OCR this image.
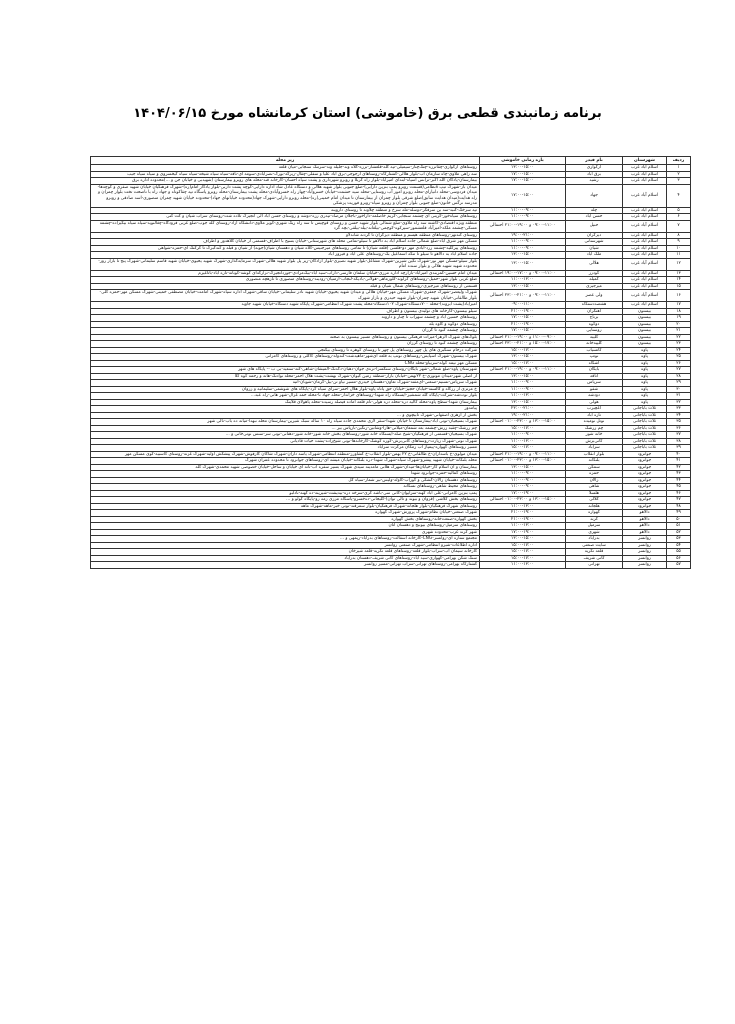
برنامه زمانبندی قطعی برق (خاموشی) استان کرمانشاه مورخ ۱۴۰۴/۰۶/۱۵
ردیف	شهرستان	نام فیدر	بازه زمانی خاموشی	زیر محله
۱	اسلام آباد غرب	ارکوازی	۱۳:۰۰-۱۵:۰۰	روستاهای ارکوازی-چقاترزه-چنگ‌چنار-سیمیلی-تپه کله-قلعشار-برزه-گلاه وند-جلیله وند-سرتنگ سنجابی-میان قلعه
۲	اسلام آباد غرب	برق آباد	۱۷:۰۰-۱۵:۰۰	سه راهی ملاوی-چاه سازمان آب-بلوار هلالی-کشتارگاه-روستاهای ارجوجی-برق آباد علیا و سفلی-چقال-زیرگه-بورگ-نصرآبادی-سومه ای-نافه-سیاه سیاه شیخه-سیاه سیاه کیخسروی و سیاه سیاه جیب
۳	اسلام آباد غرب	رشید	۱۷:۰۰-۱۵:۰۰	بیمارستان-پادگان الله اکبر-ترانس اسپاه-ابتدای امیرآباد-بلوار راه کربلا و روبرو شهرداری و پشت سپاه احسان-کارخانه قند-محله های روبرو بیمارستان (شهیدبی و خیابان جن و ...)محدوده اداره برق
۴	اسلام آباد غرب	جهاد	۱۷:۰۰-۱۵:۰۰	میدان باز-شهرک تیپ ۸نظامی(قسمت روبرو پمپ بنزین دارایی)-ضلع جنوبی بلوار شهید هلالی و دستگاه عادل شاد اداره دارایی-کوچه پشت داربی-بلوار یادگار امام(ره)-شهرک فرهنگیان خیابان شهید صفری و کوچه‌ها-میدان فردوسی-محله دانیارای-محله روبرو امور آب روستایی-محله سید حشمت-خیابان خسروآباد-چهار راه خسروآبادی-محله پشت بیمارستان-محله روبرو پاسگاه تپه چقاکوتاه و جهاد راه با تاصحت تخت بلوار چمران و راه هدایت(میدان هدایت سابق)ضلع شرقی بلوار چمران از بیمارستان تا میدان امام خمینی(ره)-محله روبرو دارایی-شهرک جهاد(محدوده خیابانهای جهاد)-محدوده خیابان شهید چمران منصوری-اسد صادقی و روبرو مدرسه نرگس خاتون-ضلع جنوبی بلوار چمران و روبرو سپاه-روبرو فوریت پزشکی
۵	اسلام آباد غرب	چله	۱۱:۰۰-۰۹:۰۰	تپه سرخک-گنبد-سه بن سرفکر-دوسله-مله سرخ و منطقه چلاوند تا روستای داروینه
۶	اسلام آباد غرب	حسن آباد	۱۱:۰۰-۰۹:۰۰	روستاهای سیاه‌خور-کرینی ای چشمه سنجابی-کریم خاصلمه-داراخور-باجلان مرصاد-تپه‌ری رزه-دوشه و روستای حسن اباد الی انجیرک تلاده شت-روستای سراب شیان و کت کتی
۷	اسلام آباد غرب	حنیل	۰۹:۰۰-۱۱:۰۰ و ۱۹:۰۰-۲۱:۰۰ احتمالی	منطقه ویژه اقتصادی-کاشته سه راه ملاوی-ضلع شمالی بلوار شهید حسن و روستای قوچیس تا سه راه زیگ شهری-کوپر ملاوی-دانشگاه آزاد-روستای کله جوب-ضلع غربی فرودگاه-چغالنوید-سیاه سیاه بیگیزاده-چشمه مسکی-چشمه ملکه-امیرآباد قلعشمور-سیرکوه-کوچمی-بیلغانه-بیله-بیلقی-بچه گرد
۸	اسلام آباد غرب	دیزگران	۱۹:۰۰-۲۱:۰۰	روستای کندتهر-روستاهای منطقه هیسم و منطقه دیزگران تا گردنه شاندلاو
۹	اسلام آباد غرب	شهرستانی	۱۱:۰۰-۰۹:۰۰	مسکن مهر شرق آباد-ضلع شمالی جاده اسلام آباد به دالاهو تا سیلو-تمامی محله های شهرستانی-خیابان بسیج با اطراف-قسمتی از خیابان کلاهدوز و اطراف
۱۰	اسلام آباد غرب	شیان	۱۱:۰۰-۰۹:۰۰	روستاهای پیرکلیه-چشمه زرد-آبادی مهر دو-فلسی (قلعه شیان) تا تمامی روستاهای میرجنیس-کلاه شیان و دهستان شیان(جوبه) از شیان و قبله و کندکبرک تا کرکنک ای-حمزه-شواهی
۱۱	اسلام آباد غرب	ملک آباد	۱۳:۰۰-۱۵:۰۰	جاده اسلام آباد به دالاهو تا سیلو تا تنگه اسماعیل بک-روستاهای علی اباد و فیروز اباد
۱۲	اسلام آباد غرب	هلالی	۱۳:۰۰-۱۵:۰۰	بلوار سیلو-مسکن مهر نور-شهرک نگین شیرین-شهرک مشاغل-بلوار شهید نصیری-بلوار آزادگان-زیر پل بلوار شهید هلالی-شهرک سرمایه‌گذاری-شهرک شهید یحیوی-خیابان شهید قاسم سلیمانی-شهرک پنج تا بازار روز-محدوده شهید شهید هلالی و بلوار سنده امام
۱۳	اسلام آباد غرب	گودرز	۰۹:۰۰-۱۱:۰۰ و ۱۷:۰۰-۱۹:۰۰ احتمالی	میدان امام حسین-کمربندی امیرآباد-بازارچه اداره مرزی-خیابان سلمان فارسی-داراب-سید آباد-بیگ‌مرادی-جوزدانجیرک-تزارگه‌ای کوشه-کوناته-تازه اباد-باتاغیرم
۱۴	اسلام آباد غرب	کمیله	۱۱:۰۰-۱۳:۰۰	ضلع غربی بلوار شهر-حمیل-روستاهای کرلوند-کلورماهی-هولانی-بادیکه-لنجاب-ارمنیان-رودیند-روستاهای منصوری تا نازهچه منصوری
۱۵	اسلام آباد غرب	میرجیزی	۱۳:۰۰-۱۵:۰۰	قسمتی از روستاهای میرجیزی-روستاهای شمال شیان و قبله
۱۶	اسلام آباد غرب	ولی عصر	۰۹:۰۰-۱۱:۰۰ و ۲۱:۰۰-۲۳:۰۰ احتمالی	شهرک ولیعصر-شهرک جعفری-شهرک مسکن مهر-خیابان هلالی و میدان شهید یحیوی-خیابان شهید نادر سلیمانی-خیابان ساقی-شهرک اداره سپاه-شهرک امامت-خیابان مصطفی خمینی-شهرک مسکن مهر-حمزه کلی-بلوار طالقانی-خیابان شهید چمران-بلوار شهید حیدری و بازار شهرک
۱۷	اسلام آباد غرب	هفتصددستگاه	۰۹:۰۰-۱۱:۰۰	امیرآباد(پشت آبروند)-محله ۷۰۰دستگاه-شهرک ۱۰۲دستگاه-محله پشت شهرک انتظامی-شهرک پایگاه شهید دستگاه-خیابان شهید جاوید
۱۸	بیستون	آهنگران	۲۱:۰۰-۱۹:۰۰	سیلو بیستون-کارخانه های تولیدی بیستون و اطراف
۱۹	بیستون	برناج	۱۷:۰۰-۱۵:۰۰	روستاهای حسین آباد و چشمه سهراب تا چنار و دارونه
۲۰	بیستون	دوکوه	۲۱:۰۰-۱۹:۰۰	روستاهای دوکوه و کاوه بله
۲۱	بیستون	روستایی	۱۷:۰۰-۱۵:۰۰	روستاهای چشمه کبود تا گرزان
۲۲	بیستون	کلیبه	۱۱:۰۰-۰۹:۰۰ و ۱۹:۰۰-۲۱:۰۰ احتمالی	بلوک‌های شهرک الزهرا-میرات فرهنگی بیستون و روستاهای مسیر بیستون به صحنه
۲۳	بیستون	گلپیه‌خانه	۱۵:۰۰-۱۷:۰۰ و ۲۱:۰۰-۲۳:۰۰ احتمالی	روستاهای چشمه کبود تا روستای گرزان
۲۴	پاوه	کاتسیاب	۱۵:۰۰-۱۷:۰۰	شرکت درجام سنگبری های پل چهر روستاهای پل چهر تا روستای کوهره تا روستای بیکنجی
۲۵	پاوه	نوتپ	۱۳:۰۰-۱۵:۰۰	شهرک بیستون-شهرک اسپایس-روستاهای نوتپ به قلعه ای‌شهر-ماهیدشت-کندوله-روستاهای کاکلی و روستاهای کامرانی
۲۶	پاوه	آشگاه	۱۵:۰۰-۱۷:۰۰	مسکن مهر نیمه کوله-سرنیاو-محله CNG
۲۷	پاوه	بایگان	۰۹:۰۰-۱۱:۰۰ و ۱۹:۰۰-۲۱:۰۰ احتمالی	شهرستان پاوه-ضلع شمالی-شهر بایگان-روستای سنگسرا-تره‌ی جوان-دهبان-دگدنگ-آلمیشان-شاهی-کته-سنعید-بی ب -- پایگاه های شهر
۲۸	پاوه	اتاقه	۱۳:۰۰-۱۵:۰۰	از اصلی شهر-میدان موتوری-خ ۲۲بهمن-خیابان بازار-منطقه زمین کیوان-شهرک بهشت-پشت هلال احمر-محله نوادنگ-هانه و رحمه کوه گلا
۲۹	پاوه	سرپاس	۱۱:۰۰-۰۹:۰۰	شهرک سرپاس-تسنیم-صنعتی-ای‌مفته-شهرک تعاون-دهستان حیدری-مسیر نیاو تن-بیل-گرمان-شوبان-اتیه
۳۰	پاوه	شفو	۱۱:۰۰-۰۹:۰۰	خ مرتزی از رزگاه و کالسته-خیابان حجیژ-خیابان حق پاتاه پاوه-بلوار هلال احمر-سرای سیاه کرد-پایگاه های شوشمی-سلیمانیه و زروان
۳۱	پاوه	دودشه	۱۱:۰۰-۱۳:۰۰	بلوار نوت‌شه-شرکت-پایگاه کله شمشیر-ایستگاه راه شهدا-روستاهای خزاندار-محله جهاد نا-محله ‌حمد غزال-شهر هانی-راه عبد...
۳۲	پاوه	هولی	۱۳:۰۰-۱۵:۰۰	بیمارستان شهدا-سطح پاوه-محله کالیه دره-محله دره هولی-نام قلعه اماده فیصله‌ رسیده-محله پاهولای قلاینک
۳۳	ثلاث باباجانی	اغچیرب	۲۳:۰۰-۲۱:۰۰	پیامدور
۳۴	ثلاث باباجانی	تازه آباد	۱۹:۰۰-۲۱:۰۰	بخش از ازهری اصفهانی-شهرک تابیچوی و ...
۳۵	ثلاث باباجانی	نوتل نومیده	۱۳:۰۰-۱۵:۰۰ و ۲۳:۰۰-۰۱:۰۰ احتمالی	شهرک بسیجیان-نوتی اباد-بیمارستان تا خیابان شهدا-سقر لاری محمدی جاده سیاه راه ۱۰ ساله سبک شیرین-بیمارستان محله نبهدا-میانه ده باب-نالی شهر
۳۶	ثلاث باباجانی	چم زرشک	۱۵:۰۰-۱۷:۰۰	چم زرشک-چقبه زرش-چشمه بعد شمعان-میلانی-هارا-وشاتین-زنگین-بازپاس بیر ...
۳۷	ثلاث باباجانی	خانه شور	۱۱:۰۰-۰۹:۰۰	شهرک بسیجیان-قسمتی از فرهنگیان-شیخ صله-ایستگاه خانه شور-روستاهای بخش خانه شور-خانه شور-دهتانی-نوتی سر-سنس نوتی‌خانی و ...
۳۸	ثلاث باباجانی	کانی‌برش	۱۱:۰۰-۱۳:۰۰	شهرک نوتی-شهرک زیارت-روستاهای کانی‌برش-کوره کوشک-کارخانه‌ها-نوتی شیخ‌زاده-پشت حیات قادیانی
۳۹	ثلاث باباجانی	سرآباد	۱۵:۰۰-۱۷:۰۰	مسیر روستاهای کهواره-پیمپاژ آب زمکان مرکزت سرآباد
۴۰	جوانرود	بلوار انقلاب	۰۹:۰۰-۱۱:۰۰ و ۱۹:۰۰-۲۱:۰۰ احتمالی	میدان مولوی-خ باسداران-خ طالقانی-خ ۲۲ بهمن-بلوار انقلاب-خ کشاورز-منطقه انتظامی-شهرک یاسه داران-شهرک شاکان کارفوش-شهرک پیشکش اولیه-شهرک غزنه-روستای کاسبیه-کوی مسکن مهر
۴۱	جوانرود	بلنکانه	۱۳:۰۰-۱۵:۰۰ و ۲۳:۰۰-۰۱:۰۰ احتمالی	محله بلنکانه-خیابان شهید پیشرو-شهرک سیاه-شهرک شهدا-دره بلنکانه-خیابان میشه ای-روستاهای جوانرود تا محدوده عمران شهرک
۴۲	جوانرود	سمکن	۱۳:۰۰-۱۵:۰۰	بیمارستان و ان اسلام کار-خیابان‌ها-میدان-شهرک هلانی مامدینه سیدی شهرک بسیر سفره آب-نانه ای خیابان و ساحل-خیابان خصوصی شهید محمدی-شهرک کله
۴۳	جوانرود	حمزه	۱۱:۰۰-۰۹:۰۰	روستاهای کمالیه-حمزه-جوانرود شهدا
۴۴	جوانرود	زالان	۱۱:۰۰-۰۹:۰۰	روستاهای دهستان زالان-گشکی و گوراب-کاوله-ولیس-نیر شمار-سیاه گل
۴۵	جوانرود	شاهی	۱۱:۰۰-۰۹:۰۰	روستاهای محیط شاهی-روستاهای نسکانه
۴۶	جوانرود	هلسلا	۱۷:۰۰-۱۹:۰۰	پمپ بنزین کامرانی-علی اباد کهنه-سرایوان-کانی سی-باشه کری-سرخه دره-بیدیشت-شیرینه-ده کهنه-نادلبو
۴۷	جوانرود	کلالی	۱۳:۰۰-۱۵:۰۰ و ۲۳:۰۰-۰۱:۰۰ احتمالی	روستاهای بخش کلاشی (قزوان و بیوند و تالی توان)-گلیجانی-ده‌خسرو-پاسگاه مرزی زمه رو-پایگاه کولو و ...
۴۸	جوانرود	هلجانه	۱۱:۰۰-۱۳:۰۰	روستاهای شهرک فرهنگیان-بلوار هلجانه-شهرک فرهنگیان-بلوار سمرقند-نوتی خبر-ماهه-شهرک ماهه
۴۹	دالاهو	گهواره	۲۱:۰۰-۱۹:۰۰	شهرک صنعتی-خیابان نظام-شهرک پرورش-شهرک گهواره
۵۰	دالاهو	کرند	۲۱:۰۰-۱۹:۰۰	بخش گهواره-صنعت‌خانه-روستاهای بخش گهواره
۵۱	دالاهو	سرمیل	۱۱:۰۰-۱۳:۰۰	روستاهای سرمیل-روستاهای بیونیج و دهستان اتان
۵۲	دالاهو	شهری	۱۷:۰۰-۱۹:۰۰	شهر کرند غرب-محدوده شهری
۵۳	روانسر	بدرآباد	۱۳:۰۰-۱۵:۰۰	مجتمع ستاره ای-روانسر-CNG-کارخانه آسفالت-روستاهای بدرآباد-زیمهی و ...
۵۴	روانسر	سایت صنعتی	۱۵:۰۰-۱۷:۰۰	اداره اطلاعات-شیرو انتظامی-شهرک صنعتی روانسر
۵۵	روانسر	قلعه تکریه	۱۵:۰۰-۱۷:۰۰	کارخانه سیمان آب-سراب-بلوار قلعه-روستاهای قلعه تکریه-قلعه شیرخان
۵۶	روانسر	کانی شریف	۱۵:۰۰-۱۷:۰۰	سنگ شکن بهرامی-کهواری-سید آباد-روستاهای کانی شریف-دهستان بدرآباد
۵۷	روانسر	تهرانی	۱۱:۰۰-۱۳:۰۰	کشتارگاه بهرامی-روستاهای تهرانی-سراب تهرانی-مسیر روانسر
